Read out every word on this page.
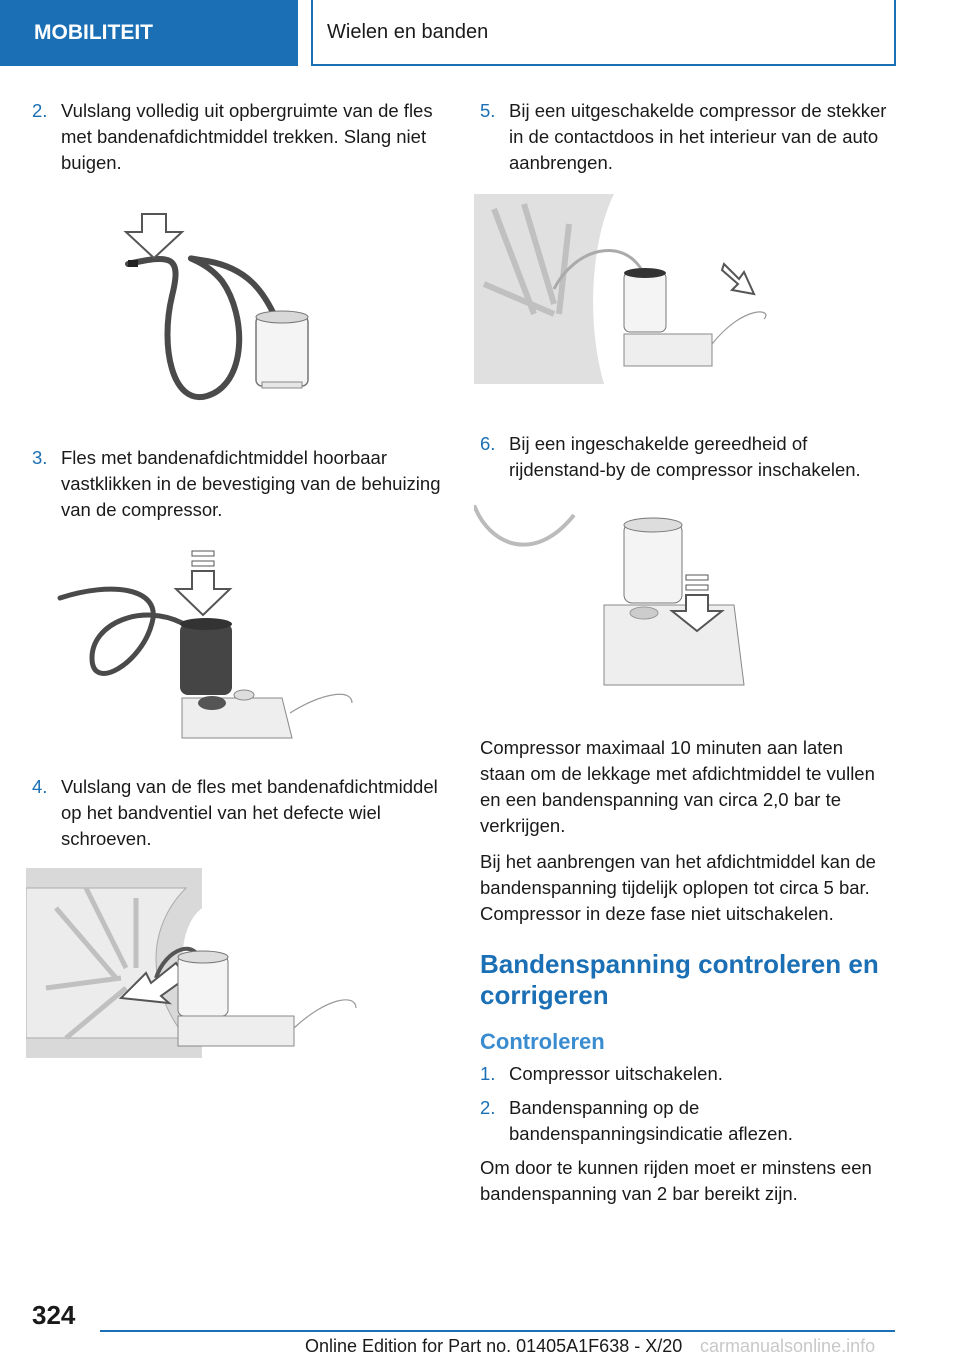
MOBILITEIT	Wielen en banden
2. Vulslang volledig uit opbergruimte van de fles met bandenafdichtmiddel trekken. Slang niet buigen.
3. Fles met bandenafdichtmiddel hoorbaar vastklikken in de bevestiging van de behuizing van de compressor.
4. Vulslang van de fles met bandenafdichtmiddel op het bandventiel van het defecte wiel schroeven.
5. Bij een uitgeschakelde compressor de stekker in de contactdoos in het interieur van de auto aanbrengen.
6. Bij een ingeschakelde gereedheid of rijdenstand-by de compressor inschakelen.

Compressor maximaal 10 minuten aan laten staan om de lekkage met afdichtmiddel te vullen en een bandenspanning van circa 2,0 bar te verkrijgen.

Bij het aanbrengen van het afdichtmiddel kan de bandenspanning tijdelijk oplopen tot circa 5 bar. Compressor in deze fase niet uitschakelen.

Bandenspanning controleren en corrigeren
Controleren
1. Compressor uitschakelen.
2. Bandenspanning op de bandenspanningsindicatie aflezen.

Om door te kunnen rijden moet er minstens een bandenspanning van 2 bar bereikt zijn.

324
Online Edition for Part no. 01405A1F638 - X/20 carmanualsonline.info
